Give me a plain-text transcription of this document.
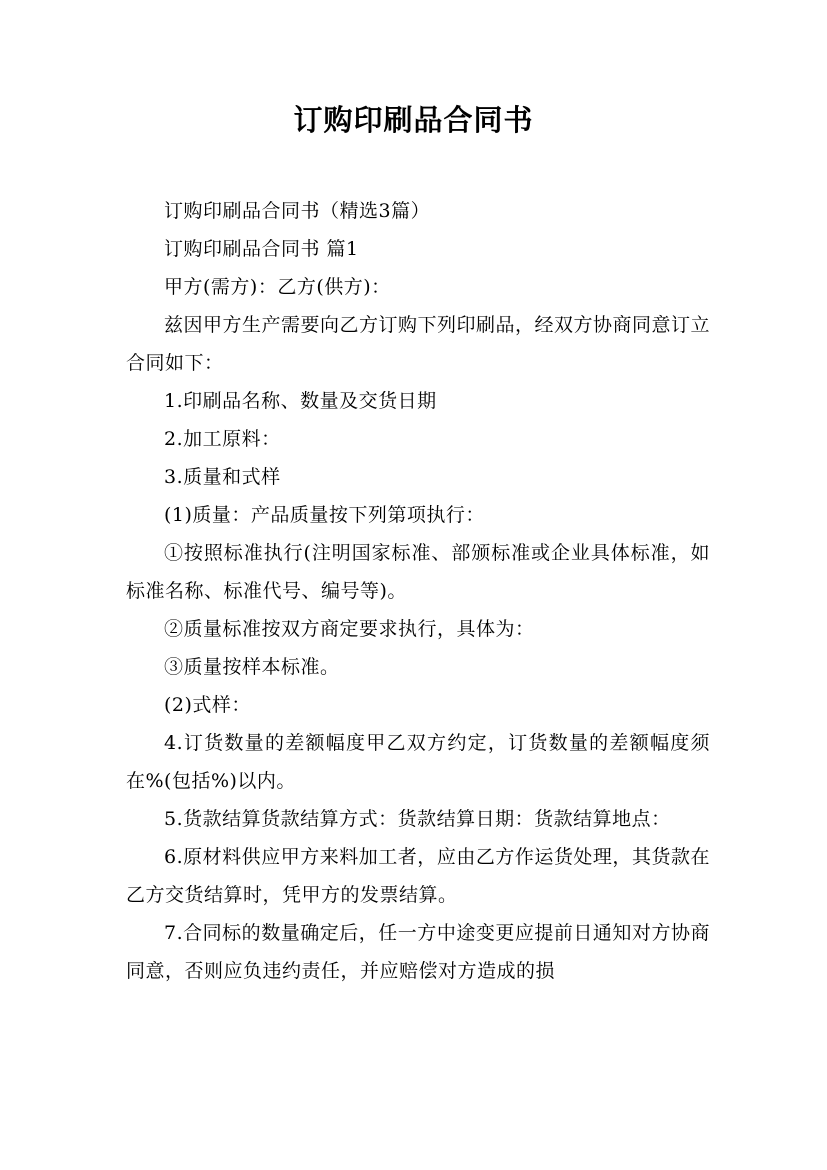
订购印刷品合同书

订购印刷品合同书（精选3篇）

订购印刷品合同书 篇1

甲方(需方)：乙方(供方)：

兹因甲方生产需要向乙方订购下列印刷品，经双方协商同意订立合同如下：

1.印刷品名称、数量及交货日期

2.加工原料：

3.质量和式样

(1)质量：产品质量按下列第项执行：

①按照标准执行(注明国家标准、部颁标准或企业具体标准，如标准名称、标准代号、编号等)。

②质量标准按双方商定要求执行，具体为：

③质量按样本标准。

(2)式样：

4.订货数量的差额幅度甲乙双方约定，订货数量的差额幅度须在%(包括%)以内。

5.货款结算货款结算方式：货款结算日期：货款结算地点：

6.原材料供应甲方来料加工者，应由乙方作运货处理，其货款在乙方交货结算时，凭甲方的发票结算。

7.合同标的数量确定后，任一方中途变更应提前日通知对方协商同意，否则应负违约责任，并应赔偿对方造成的损
